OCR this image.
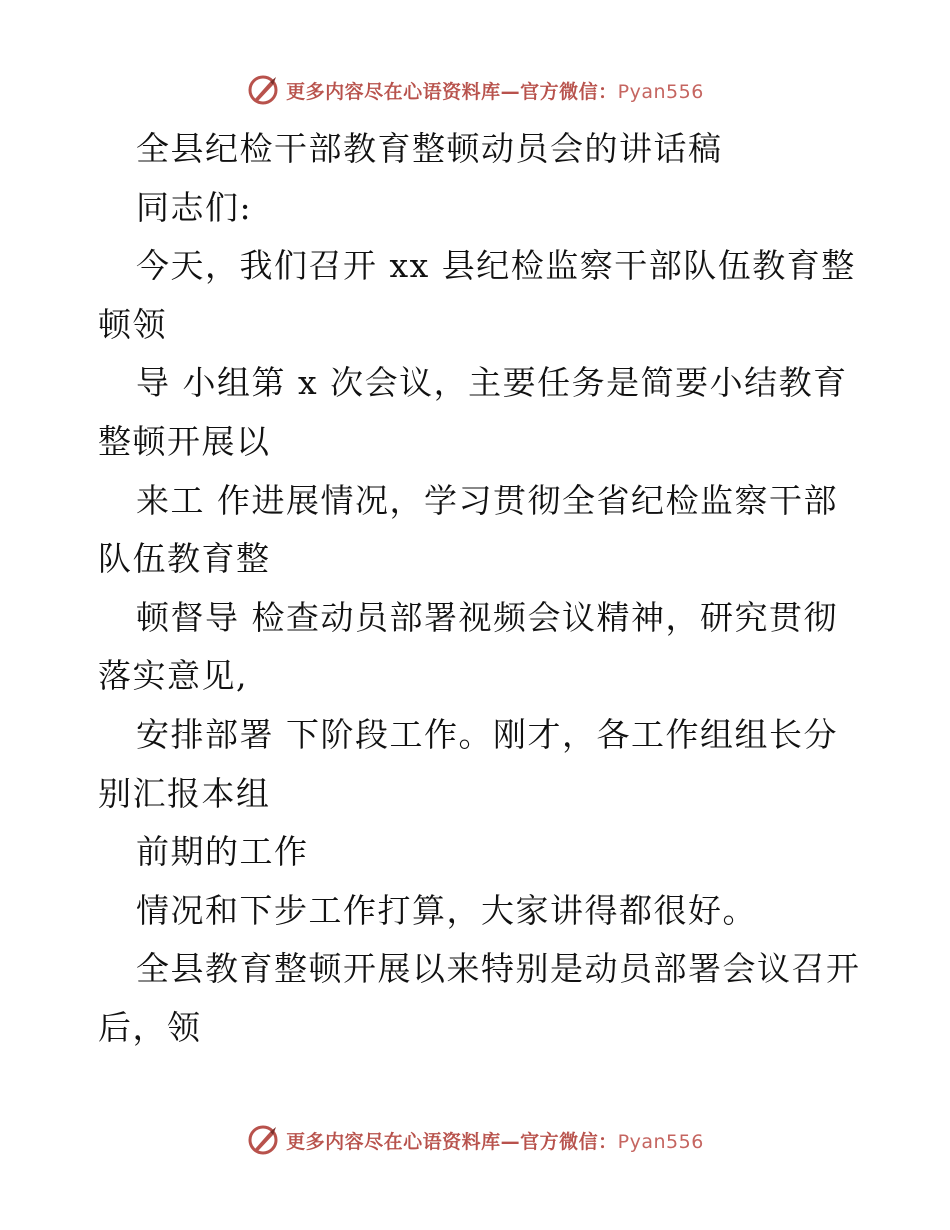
更多内容尽在心语资料库—官方微信：Pyan556
全县纪检干部教育整顿动员会的讲话稿
同志们:
今天，我们召开 xx 县纪检监察干部队伍教育整
顿领
导 小组第 x 次会议，主要任务是简要小结教育
整顿开展以
来工 作进展情况，学习贯彻全省纪检监察干部
队伍教育整
顿督导 检查动员部署视频会议精神，研究贯彻
落实意见,
安排部署 下阶段工作。刚才，各工作组组长分
别汇报本组
前期的工作
情况和下步工作打算，大家讲得都很好。
全县教育整顿开展以来特别是动员部署会议召开
后，领
更多内容尽在心语资料库—官方微信：Pyan556
